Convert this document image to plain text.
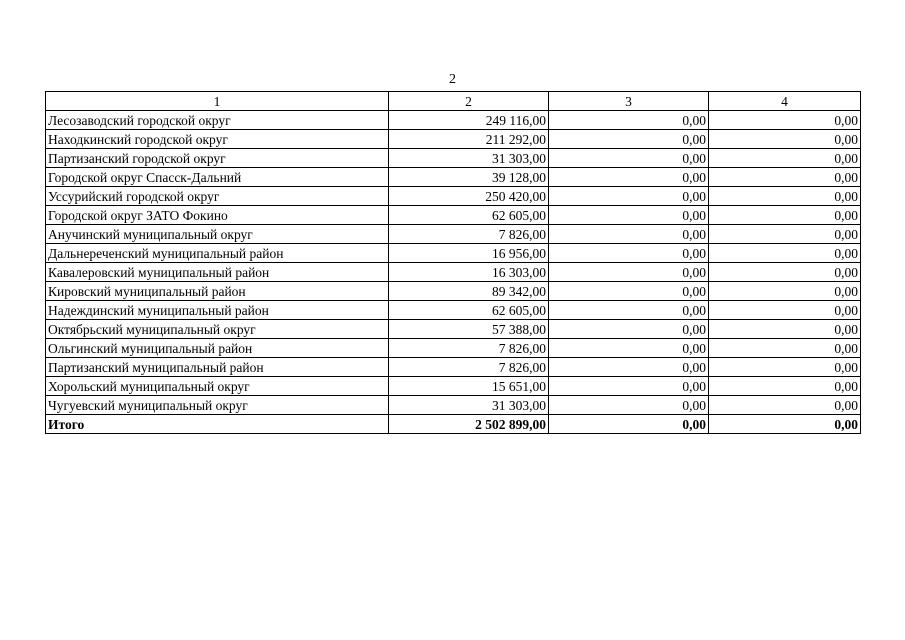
2
1	2	3	4
Лесозаводский городской округ	249 116,00	0,00	0,00
Находкинский городской округ	211 292,00	0,00	0,00
Партизанский городской округ	31 303,00	0,00	0,00
Городской округ Спасск-Дальний	39 128,00	0,00	0,00
Уссурийский городской округ	250 420,00	0,00	0,00
Городской округ ЗАТО Фокино	62 605,00	0,00	0,00
Анучинский муниципальный округ	7 826,00	0,00	0,00
Дальнереченский муниципальный район	16 956,00	0,00	0,00
Кавалеровский муниципальный район	16 303,00	0,00	0,00
Кировский муниципальный район	89 342,00	0,00	0,00
Надеждинский муниципальный район	62 605,00	0,00	0,00
Октябрьский муниципальный округ	57 388,00	0,00	0,00
Ольгинский муниципальный район	7 826,00	0,00	0,00
Партизанский муниципальный район	7 826,00	0,00	0,00
Хорольский муниципальный округ	15 651,00	0,00	0,00
Чугуевский муниципальный округ	31 303,00	0,00	0,00
Итого	2 502 899,00	0,00	0,00
